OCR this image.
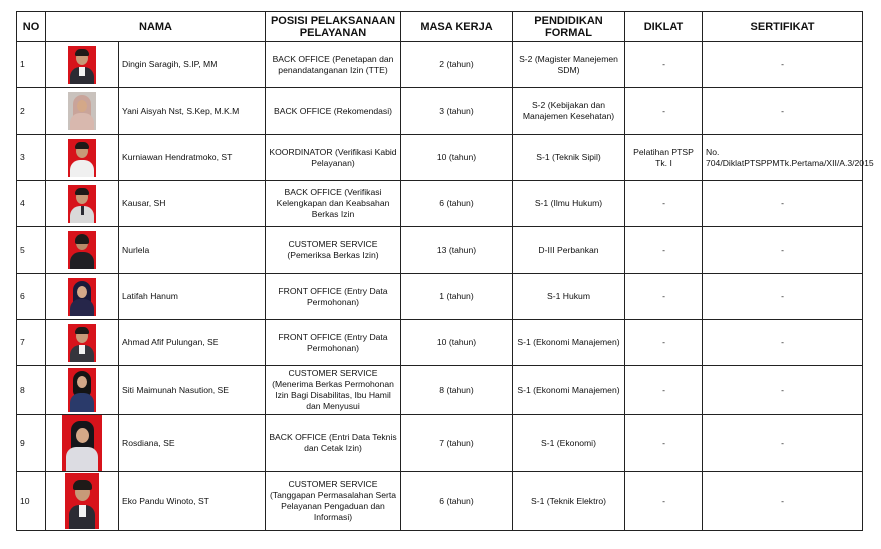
NO	NAMA		POSISI PELAKSANAAN PELAYANAN	MASA KERJA	PENDIDIKAN FORMAL	DIKLAT	SERTIFIKAT
1		Dingin Saragih, S.IP, MM	BACK OFFICE (Penetapan dan penandatanganan Izin (TTE)	2 (tahun)	S-2 (Magister Manejemen SDM)	-	-
2		Yani Aisyah Nst, S.Kep, M.K.M	BACK OFFICE (Rekomendasi)	3 (tahun)	S-2 (Kebijakan dan Manajemen Kesehatan)	-	-
3		Kurniawan Hendratmoko, ST	KOORDINATOR (Verifikasi Kabid Pelayanan)	10 (tahun)	S-1 (Teknik Sipil)	Pelatihan PTSP Tk. I	No. 704/DiklatPTSPPMTk.Pertama/XII/A.3/2015
4		Kausar, SH	BACK OFFICE (Verifikasi Kelengkapan dan Keabsahan Berkas Izin	6 (tahun)	S-1 (Ilmu Hukum)	-	-
5		Nurlela	CUSTOMER SERVICE (Pemeriksa Berkas Izin)	13 (tahun)	D-III Perbankan	-	-
6		Latifah Hanum	FRONT OFFICE (Entry Data Permohonan)	1 (tahun)	S-1 Hukum	-	-
7		Ahmad Afif Pulungan, SE	FRONT OFFICE (Entry Data Permohonan)	10 (tahun)	S-1 (Ekonomi Manajemen)	-	-
8		Siti Maimunah Nasution, SE	CUSTOMER SERVICE (Menerima Berkas Permohonan Izin Bagi Disabilitas, Ibu Hamil dan Menyusui	8 (tahun)	S-1 (Ekonomi Manajemen)	-	-
9		Rosdiana, SE	BACK OFFICE (Entri Data Teknis dan Cetak Izin)	7 (tahun)	S-1 (Ekonomi)	-	-
10		Eko Pandu Winoto, ST	CUSTOMER SERVICE (Tanggapan Permasalahan Serta Pelayanan Pengaduan dan Informasi)	6 (tahun)	S-1 (Teknik Elektro)	-	-
